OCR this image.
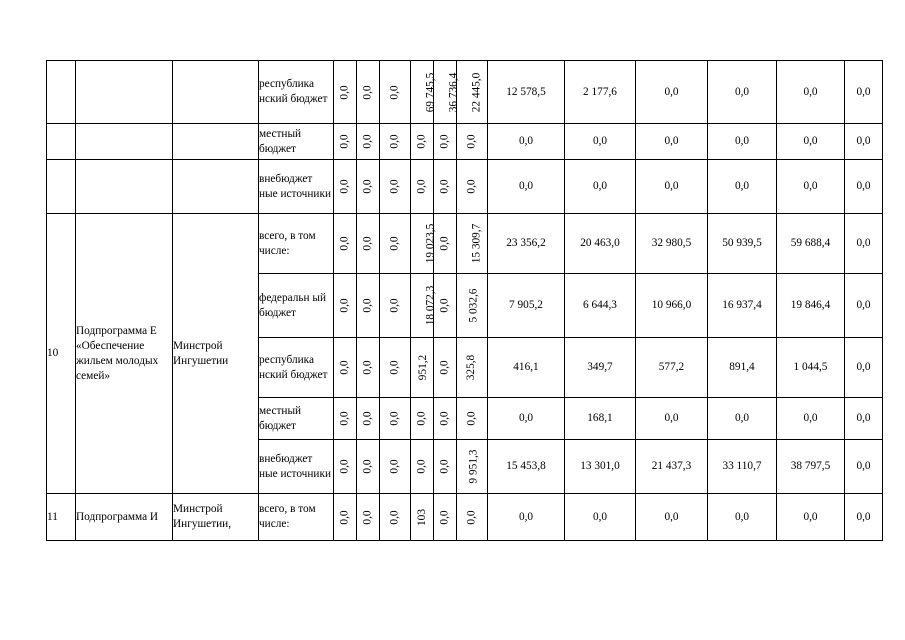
			республика нский бюджет	0,0	0,0	0,0	69 745,5	36 736,4	22 445,0	12 578,5	2 177,6	0,0	0,0	0,0	0,0
			местный бюджет	0,0	0,0	0,0	0,0	0,0	0,0	0,0	0,0	0,0	0,0	0,0	0,0
			внебюджет ные источники	0,0	0,0	0,0	0,0	0,0	0,0	0,0	0,0	0,0	0,0	0,0	0,0
10	Подпрограмма Е «Обеспечение жильем молодых семей»	Минстрой Ингушетии	всего, в том числе:	0,0	0,0	0,0	19 023,5	0,0	15 309,7	23 356,2	20 463,0	32 980,5	50 939,5	59 688,4	0,0
			федеральн ый бюджет	0,0	0,0	0,0	18 072,3	0,0	5 032,6	7 905,2	6 644,3	10 966,0	16 937,4	19 846,4	0,0
			республика нский бюджет	0,0	0,0	0,0	951,2	0,0	325,8	416,1	349,7	577,2	891,4	1 044,5	0,0
			местный бюджет	0,0	0,0	0,0	0,0	0,0	0,0	0,0	168,1	0,0	0,0	0,0	0,0
			внебюджет ные источники	0,0	0,0	0,0	0,0	0,0	9 951,3	15 453,8	13 301,0	21 437,3	33 110,7	38 797,5	0,0
11	Подпрограмма И	Минстрой Ингушетии,	всего, в том числе:	0,0	0,0	0,0	103	0,0	0,0	0,0	0,0	0,0	0,0	0,0	0,0
